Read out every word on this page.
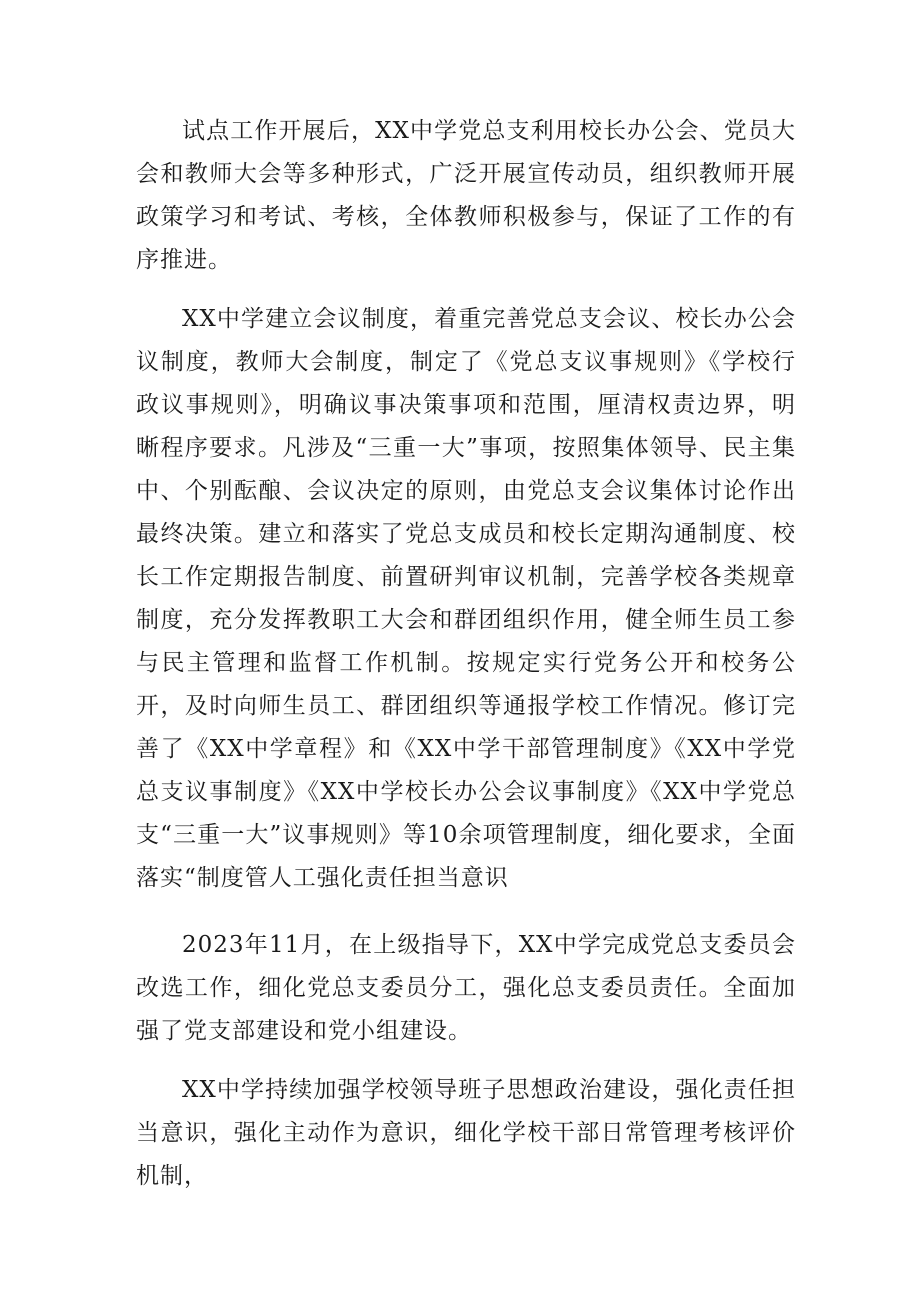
试点工作开展后，XX中学党总支利用校长办公会、党员大会和教师大会等多种形式，广泛开展宣传动员，组织教师开展政策学习和考试、考核，全体教师积极参与，保证了工作的有序推进。

XX中学建立会议制度，着重完善党总支会议、校长办公会议制度，教师大会制度，制定了《党总支议事规则》《学校行政议事规则》，明确议事决策事项和范围，厘清权责边界，明晰程序要求。凡涉及“三重一大”事项，按照集体领导、民主集中、个别酝酿、会议决定的原则，由党总支会议集体讨论作出最终决策。建立和落实了党总支成员和校长定期沟通制度、校长工作定期报告制度、前置研判审议机制，完善学校各类规章制度，充分发挥教职工大会和群团组织作用，健全师生员工参与民主管理和监督工作机制。按规定实行党务公开和校务公开，及时向师生员工、群团组织等通报学校工作情况。修订完善了《XX中学章程》和《XX中学干部管理制度》《XX中学党总支议事制度》《XX中学校长办公会议事制度》《XX中学党总支“三重一大”议事规则》等10余项管理制度，细化要求，全面落实“制度管人工强化责任担当意识

2023年11月，在上级指导下，XX中学完成党总支委员会改选工作，细化党总支委员分工，强化总支委员责任。全面加强了党支部建设和党小组建设。

XX中学持续加强学校领导班子思想政治建设，强化责任担当意识，强化主动作为意识，细化学校干部日常管理考核评价机制，
